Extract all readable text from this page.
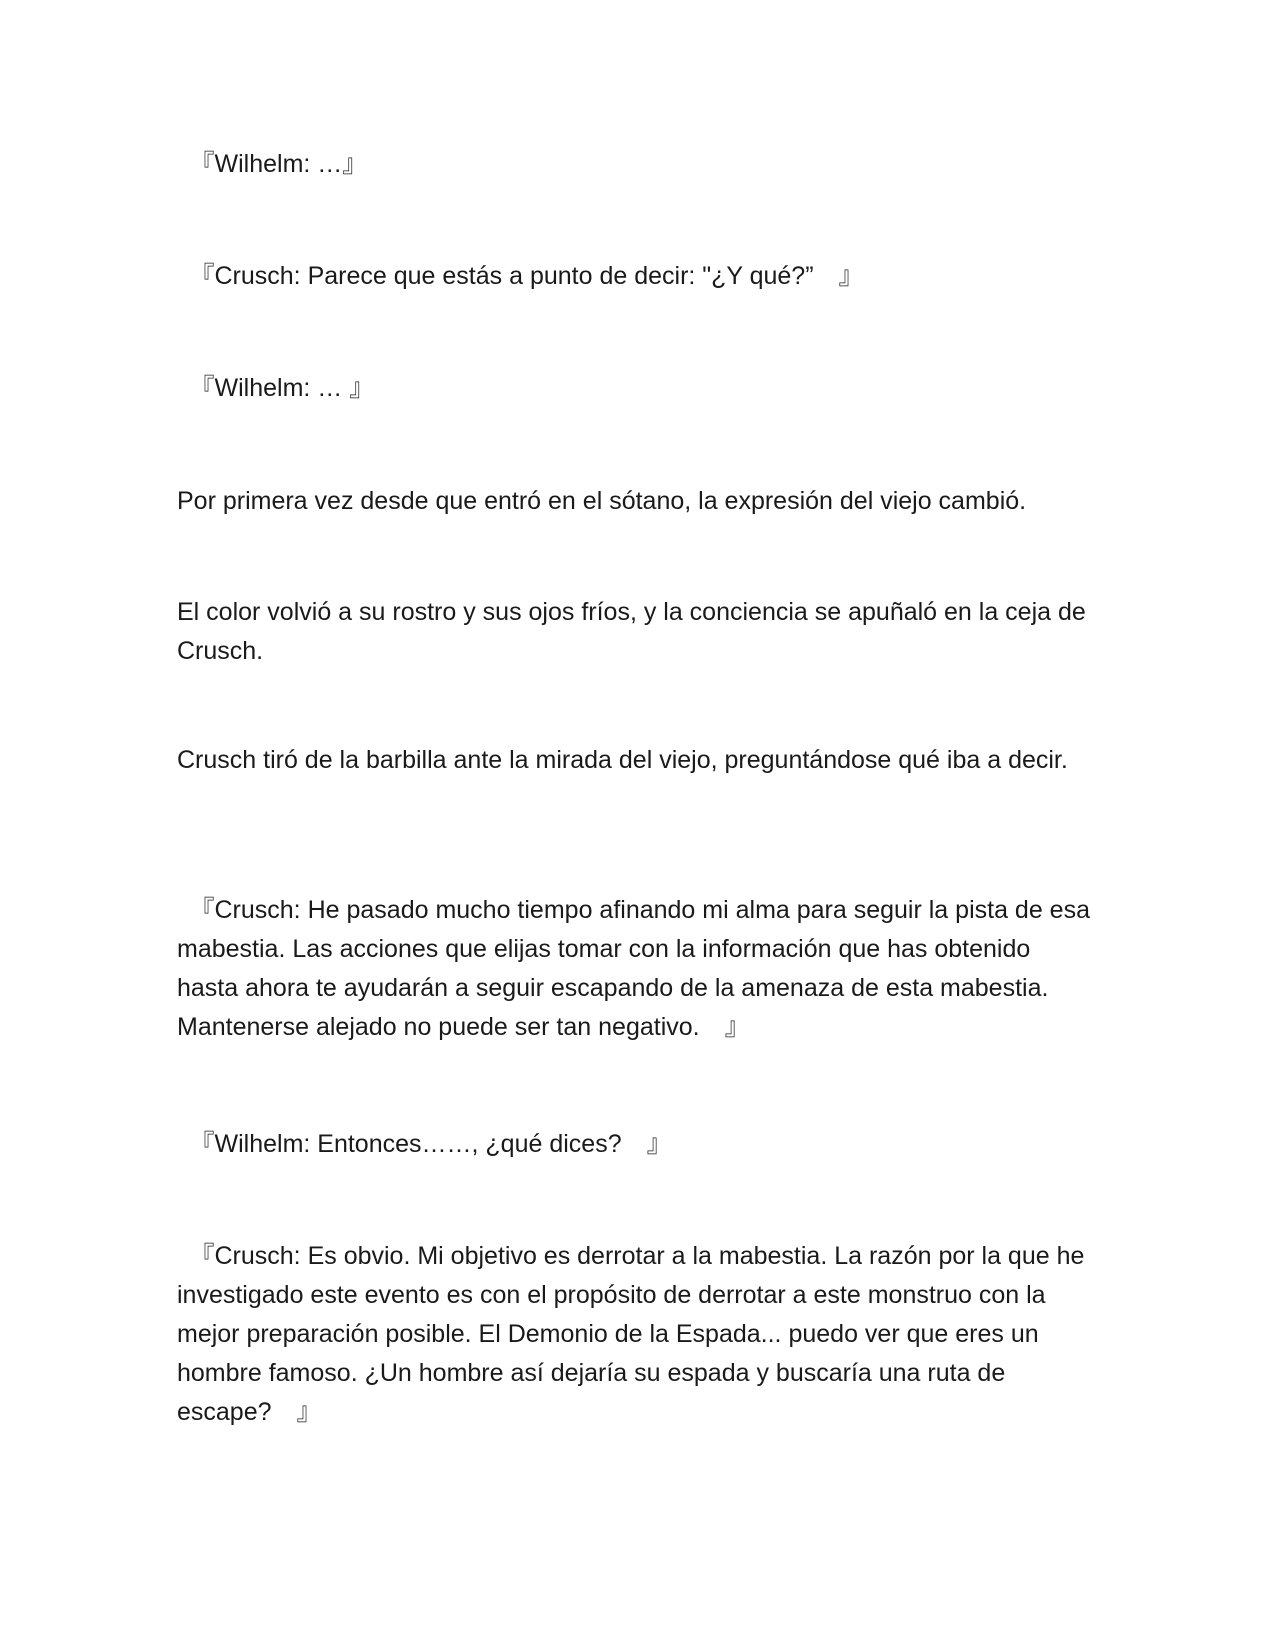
　『Wilhelm: …』

　『Crusch: Parece que estás a punto de decir: "¿Y qué?”　』

　『Wilhelm: … 』

Por primera vez desde que entró en el sótano, la expresión del viejo cambió.

El color volvió a su rostro y sus ojos fríos, y la conciencia se apuñaló en la ceja de Crusch.

Crusch tiró de la barbilla ante la mirada del viejo, preguntándose qué iba a decir.

　『Crusch: He pasado mucho tiempo afinando mi alma para seguir la pista de esa mabestia. Las acciones que elijas tomar con la información que has obtenido hasta ahora te ayudarán a seguir escapando de la amenaza de esta mabestia. Mantenerse alejado no puede ser tan negativo.　』

　『Wilhelm: Entonces……, ¿qué dices?　』

　『Crusch: Es obvio. Mi objetivo es derrotar a la mabestia. La razón por la que he investigado este evento es con el propósito de derrotar a este monstruo con la mejor preparación posible. El Demonio de la Espada... puedo ver que eres un hombre famoso. ¿Un hombre así dejaría su espada y buscaría una ruta de escape?　』
